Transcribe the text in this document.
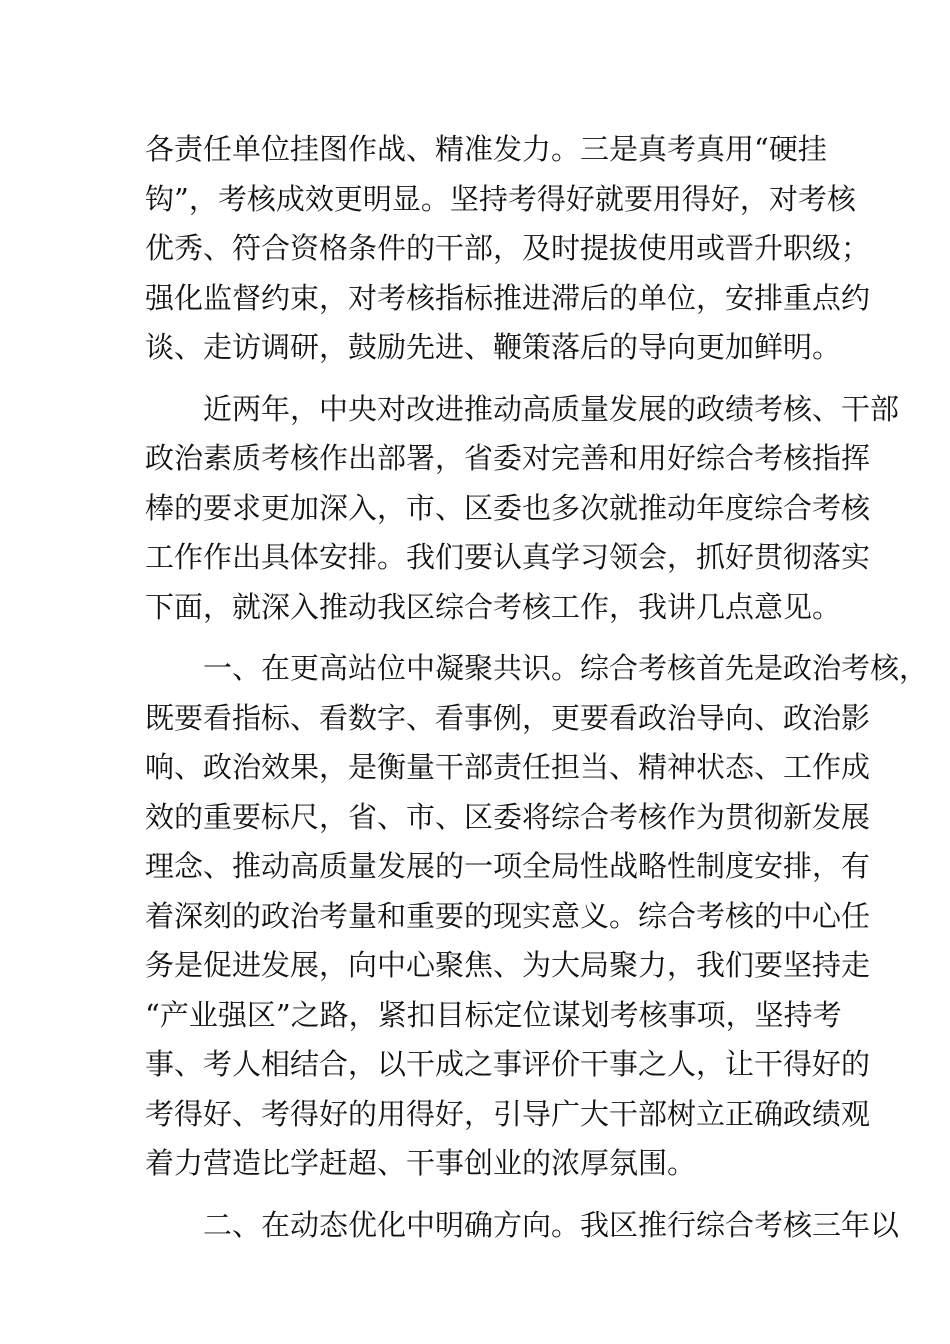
各责任单位挂图作战、精准发力。三是真考真用“硬挂
钩”，考核成效更明显。坚持考得好就要用得好，对考核
优秀、符合资格条件的干部，及时提拔使用或晋升职级；
强化监督约束，对考核指标推进滞后的单位，安排重点约
谈、走访调研，鼓励先进、鞭策落后的导向更加鲜明。
　　近两年，中央对改进推动高质量发展的政绩考核、干部
政治素质考核作出部署，省委对完善和用好综合考核指挥
棒的要求更加深入，市、区委也多次就推动年度综合考核
工作作出具体安排。我们要认真学习领会，抓好贯彻落实
下面，就深入推动我区综合考核工作，我讲几点意见。
　　一、在更高站位中凝聚共识。综合考核首先是政治考核，
既要看指标、看数字、看事例，更要看政治导向、政治影
响、政治效果，是衡量干部责任担当、精神状态、工作成
效的重要标尺，省、市、区委将综合考核作为贯彻新发展
理念、推动高质量发展的一项全局性战略性制度安排，有
着深刻的政治考量和重要的现实意义。综合考核的中心任
务是促进发展，向中心聚焦、为大局聚力，我们要坚持走
“产业强区”之路，紧扣目标定位谋划考核事项，坚持考
事、考人相结合，以干成之事评价干事之人，让干得好的
考得好、考得好的用得好，引导广大干部树立正确政绩观
着力营造比学赶超、干事创业的浓厚氛围。
　　二、在动态优化中明确方向。我区推行综合考核三年以
